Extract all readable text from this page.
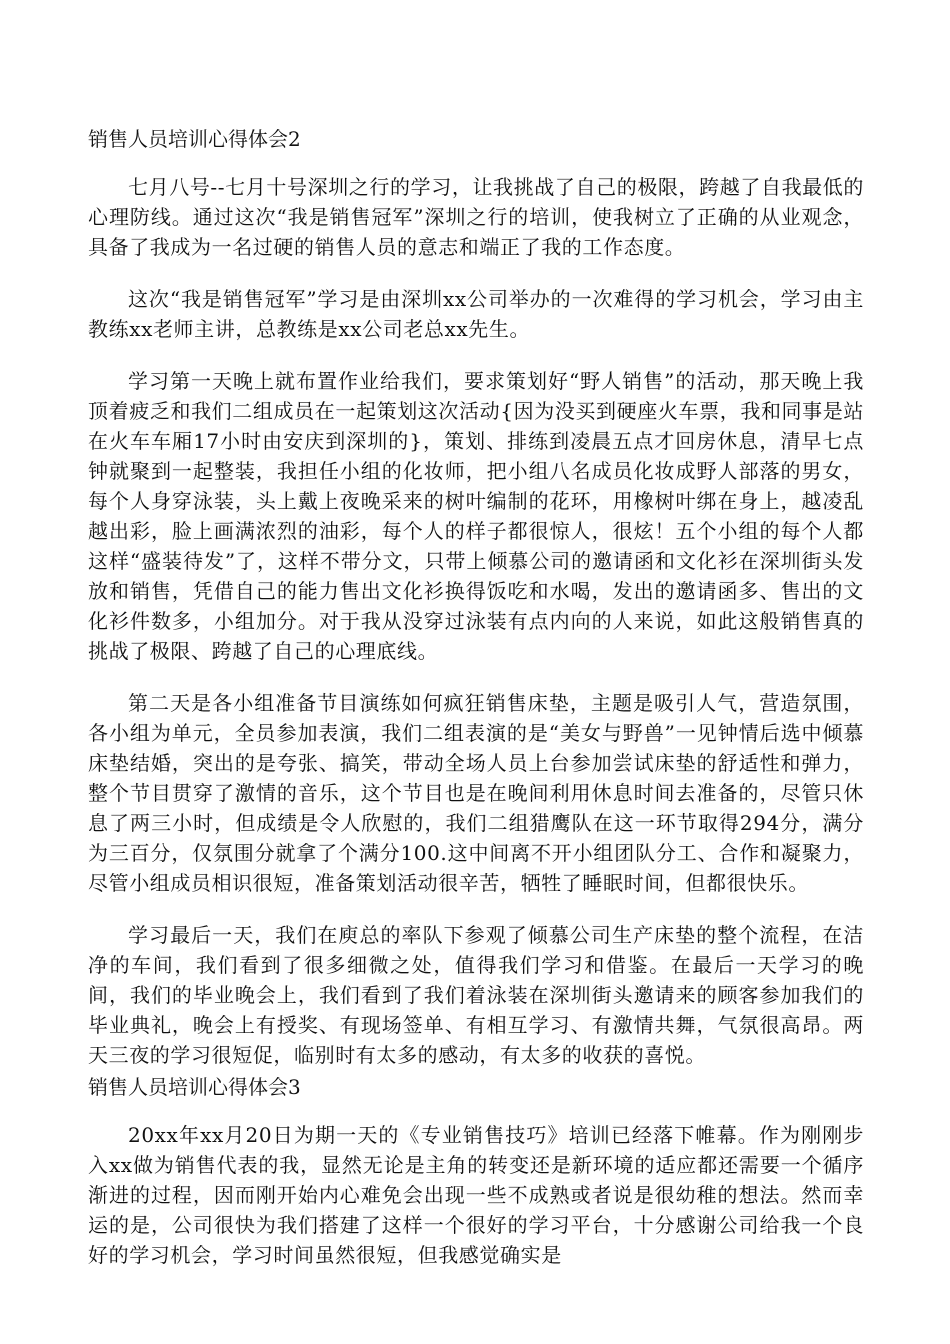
销售人员培训心得体会2

七月八号--七月十号深圳之行的学习，让我挑战了自己的极限，跨越了自我最低的心理防线。通过这次“我是销售冠军”深圳之行的培训，使我树立了正确的从业观念，具备了我成为一名过硬的销售人员的意志和端正了我的工作态度。

这次“我是销售冠军”学习是由深圳xx公司举办的一次难得的学习机会，学习由主教练xx老师主讲，总教练是xx公司老总xx先生。

学习第一天晚上就布置作业给我们，要求策划好“野人销售”的活动，那天晚上我顶着疲乏和我们二组成员在一起策划这次活动{因为没买到硬座火车票，我和同事是站在火车车厢17小时由安庆到深圳的}，策划、排练到凌晨五点才回房休息，清早七点钟就聚到一起整装，我担任小组的化妆师，把小组八名成员化妆成野人部落的男女，每个人身穿泳装，头上戴上夜晚采来的树叶编制的花环，用橡树叶绑在身上，越凌乱越出彩，脸上画满浓烈的油彩，每个人的样子都很惊人，很炫！五个小组的每个人都这样“盛装待发”了，这样不带分文，只带上倾慕公司的邀请函和文化衫在深圳街头发放和销售，凭借自己的能力售出文化衫换得饭吃和水喝，发出的邀请函多、售出的文化衫件数多，小组加分。对于我从没穿过泳装有点内向的人来说，如此这般销售真的挑战了极限、跨越了自己的心理底线。

第二天是各小组准备节目演练如何疯狂销售床垫，主题是吸引人气，营造氛围，各小组为单元，全员参加表演，我们二组表演的是“美女与野兽”一见钟情后选中倾慕床垫结婚，突出的是夸张、搞笑，带动全场人员上台参加尝试床垫的舒适性和弹力，整个节目贯穿了激情的音乐，这个节目也是在晚间利用休息时间去准备的，尽管只休息了两三小时，但成绩是令人欣慰的，我们二组猎鹰队在这一环节取得294分，满分为三百分，仅氛围分就拿了个满分100.这中间离不开小组团队分工、合作和凝聚力，尽管小组成员相识很短，准备策划活动很辛苦，牺牲了睡眠时间，但都很快乐。

学习最后一天，我们在庾总的率队下参观了倾慕公司生产床垫的整个流程，在洁净的车间，我们看到了很多细微之处，值得我们学习和借鉴。在最后一天学习的晚间，我们的毕业晚会上，我们看到了我们着泳装在深圳街头邀请来的顾客参加我们的毕业典礼，晚会上有授奖、有现场签单、有相互学习、有激情共舞，气氛很高昂。两天三夜的学习很短促，临别时有太多的感动，有太多的收获的喜悦。

销售人员培训心得体会3

20xx年xx月20日为期一天的《专业销售技巧》培训已经落下帷幕。作为刚刚步入xx做为销售代表的我，显然无论是主角的转变还是新环境的适应都还需要一个循序渐进的过程，因而刚开始内心难免会出现一些不成熟或者说是很幼稚的想法。然而幸运的是，公司很快为我们搭建了这样一个很好的学习平台，十分感谢公司给我一个良好的学习机会，学习时间虽然很短，但我感觉确实是
